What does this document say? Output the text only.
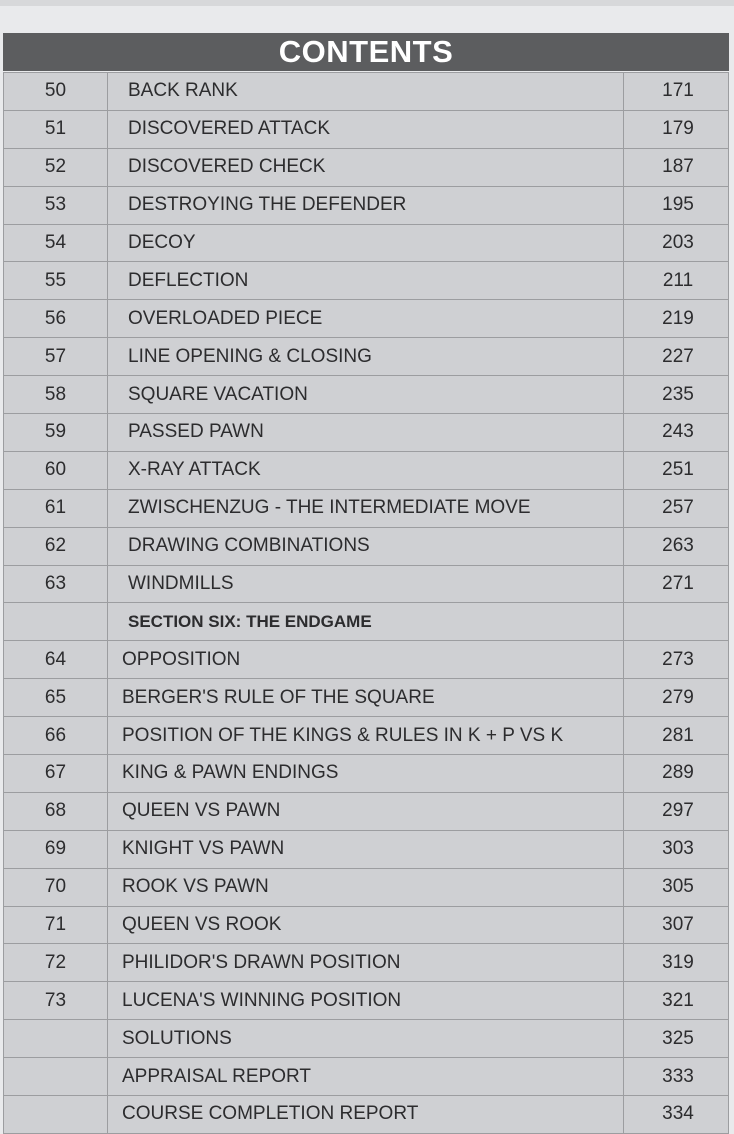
CONTENTS
50	BACK RANK	171
51	DISCOVERED ATTACK	179
52	DISCOVERED CHECK	187
53	DESTROYING THE DEFENDER	195
54	DECOY	203
55	DEFLECTION	211
56	OVERLOADED PIECE	219
57	LINE OPENING & CLOSING	227
58	SQUARE VACATION	235
59	PASSED PAWN	243
60	X-RAY ATTACK	251
61	ZWISCHENZUG - THE INTERMEDIATE MOVE	257
62	DRAWING COMBINATIONS	263
63	WINDMILLS	271
	SECTION SIX: THE ENDGAME	
64	OPPOSITION	273
65	BERGER'S RULE OF THE SQUARE	279
66	POSITION OF THE KINGS & RULES IN K + P VS K	281
67	KING & PAWN ENDINGS	289
68	QUEEN VS PAWN	297
69	KNIGHT VS PAWN	303
70	ROOK VS PAWN	305
71	QUEEN VS ROOK	307
72	PHILIDOR'S DRAWN POSITION	319
73	LUCENA'S WINNING POSITION	321
	SOLUTIONS	325
	APPRAISAL REPORT	333
	COURSE COMPLETION REPORT	334
